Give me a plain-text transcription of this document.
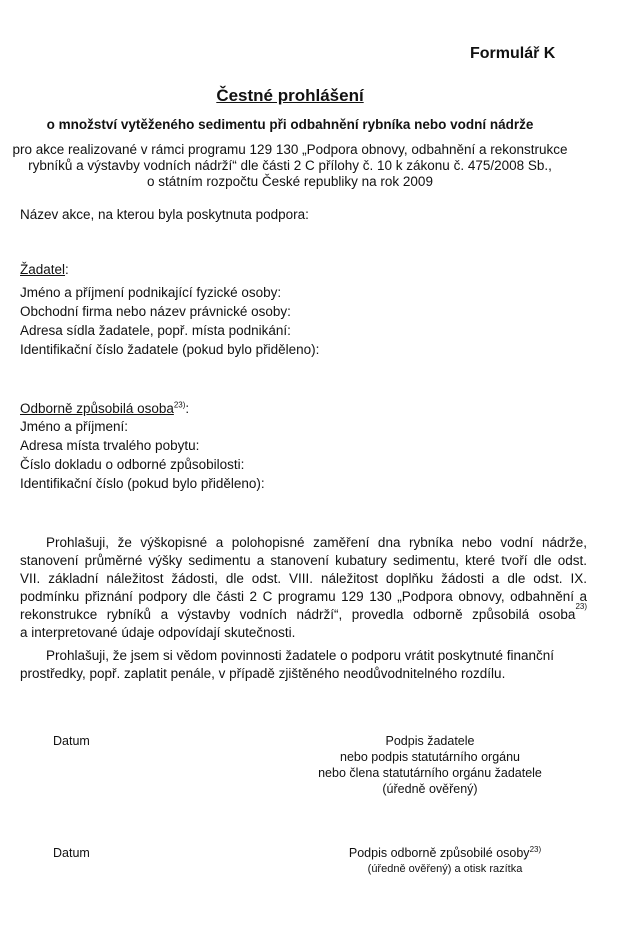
Formulář K
Čestné prohlášení
o množství vytěženého sedimentu při odbahnění rybníka nebo vodní nádrže
pro akce realizované v rámci programu 129 130 „Podpora obnovy, odbahnění a rekonstrukce
rybníků a výstavby vodních nádrží“ dle části 2 C přílohy č. 10 k zákonu č. 475/2008 Sb.,
o státním rozpočtu České republiky na rok 2009
Název akce, na kterou byla poskytnuta podpora:
Žadatel:
Jméno a příjmení podnikající fyzické osoby:
Obchodní firma nebo název právnické osoby:
Adresa sídla žadatele, popř. místa podnikání:
Identifikační číslo žadatele (pokud bylo přiděleno):
Odborně způsobilá osoba$^{23)}$:
Jméno a příjmení:
Adresa místa trvalého pobytu:
Číslo dokladu o odborné způsobilosti:
Identifikační číslo (pokud bylo přiděleno):
Prohlašuji, že výškopisné a polohopisné zaměření dna rybníka nebo vodní nádrže,
stanovení průměrné výšky sedimentu a stanovení kubatury sedimentu, které tvoří dle odst.
VII. základní náležitost žádosti, dle odst. VIII. náležitost doplňku žádosti a dle odst. IX.
podmínku přiznání podpory dle části 2 C programu 129 130 „Podpora obnovy, odbahnění a
rekonstrukce rybníků a výstavby vodních nádrží“, provedla odborně způsobilá osoba
23)
a interpretované údaje odpovídají skutečnosti.
Prohlašuji, že jsem si vědom povinnosti žadatele o podporu vrátit poskytnuté finanční
prostředky, popř. zaplatit penále, v případě zjištěného neodůvodnitelného rozdílu.
Datum	Podpis žadatele
nebo podpis statutárního orgánu
nebo člena statutárního orgánu žadatele
(úředně ověřený)
Datum	Podpis odborně způsobilé osoby$^{23)}$
(úředně ověřený) a otisk razítka
